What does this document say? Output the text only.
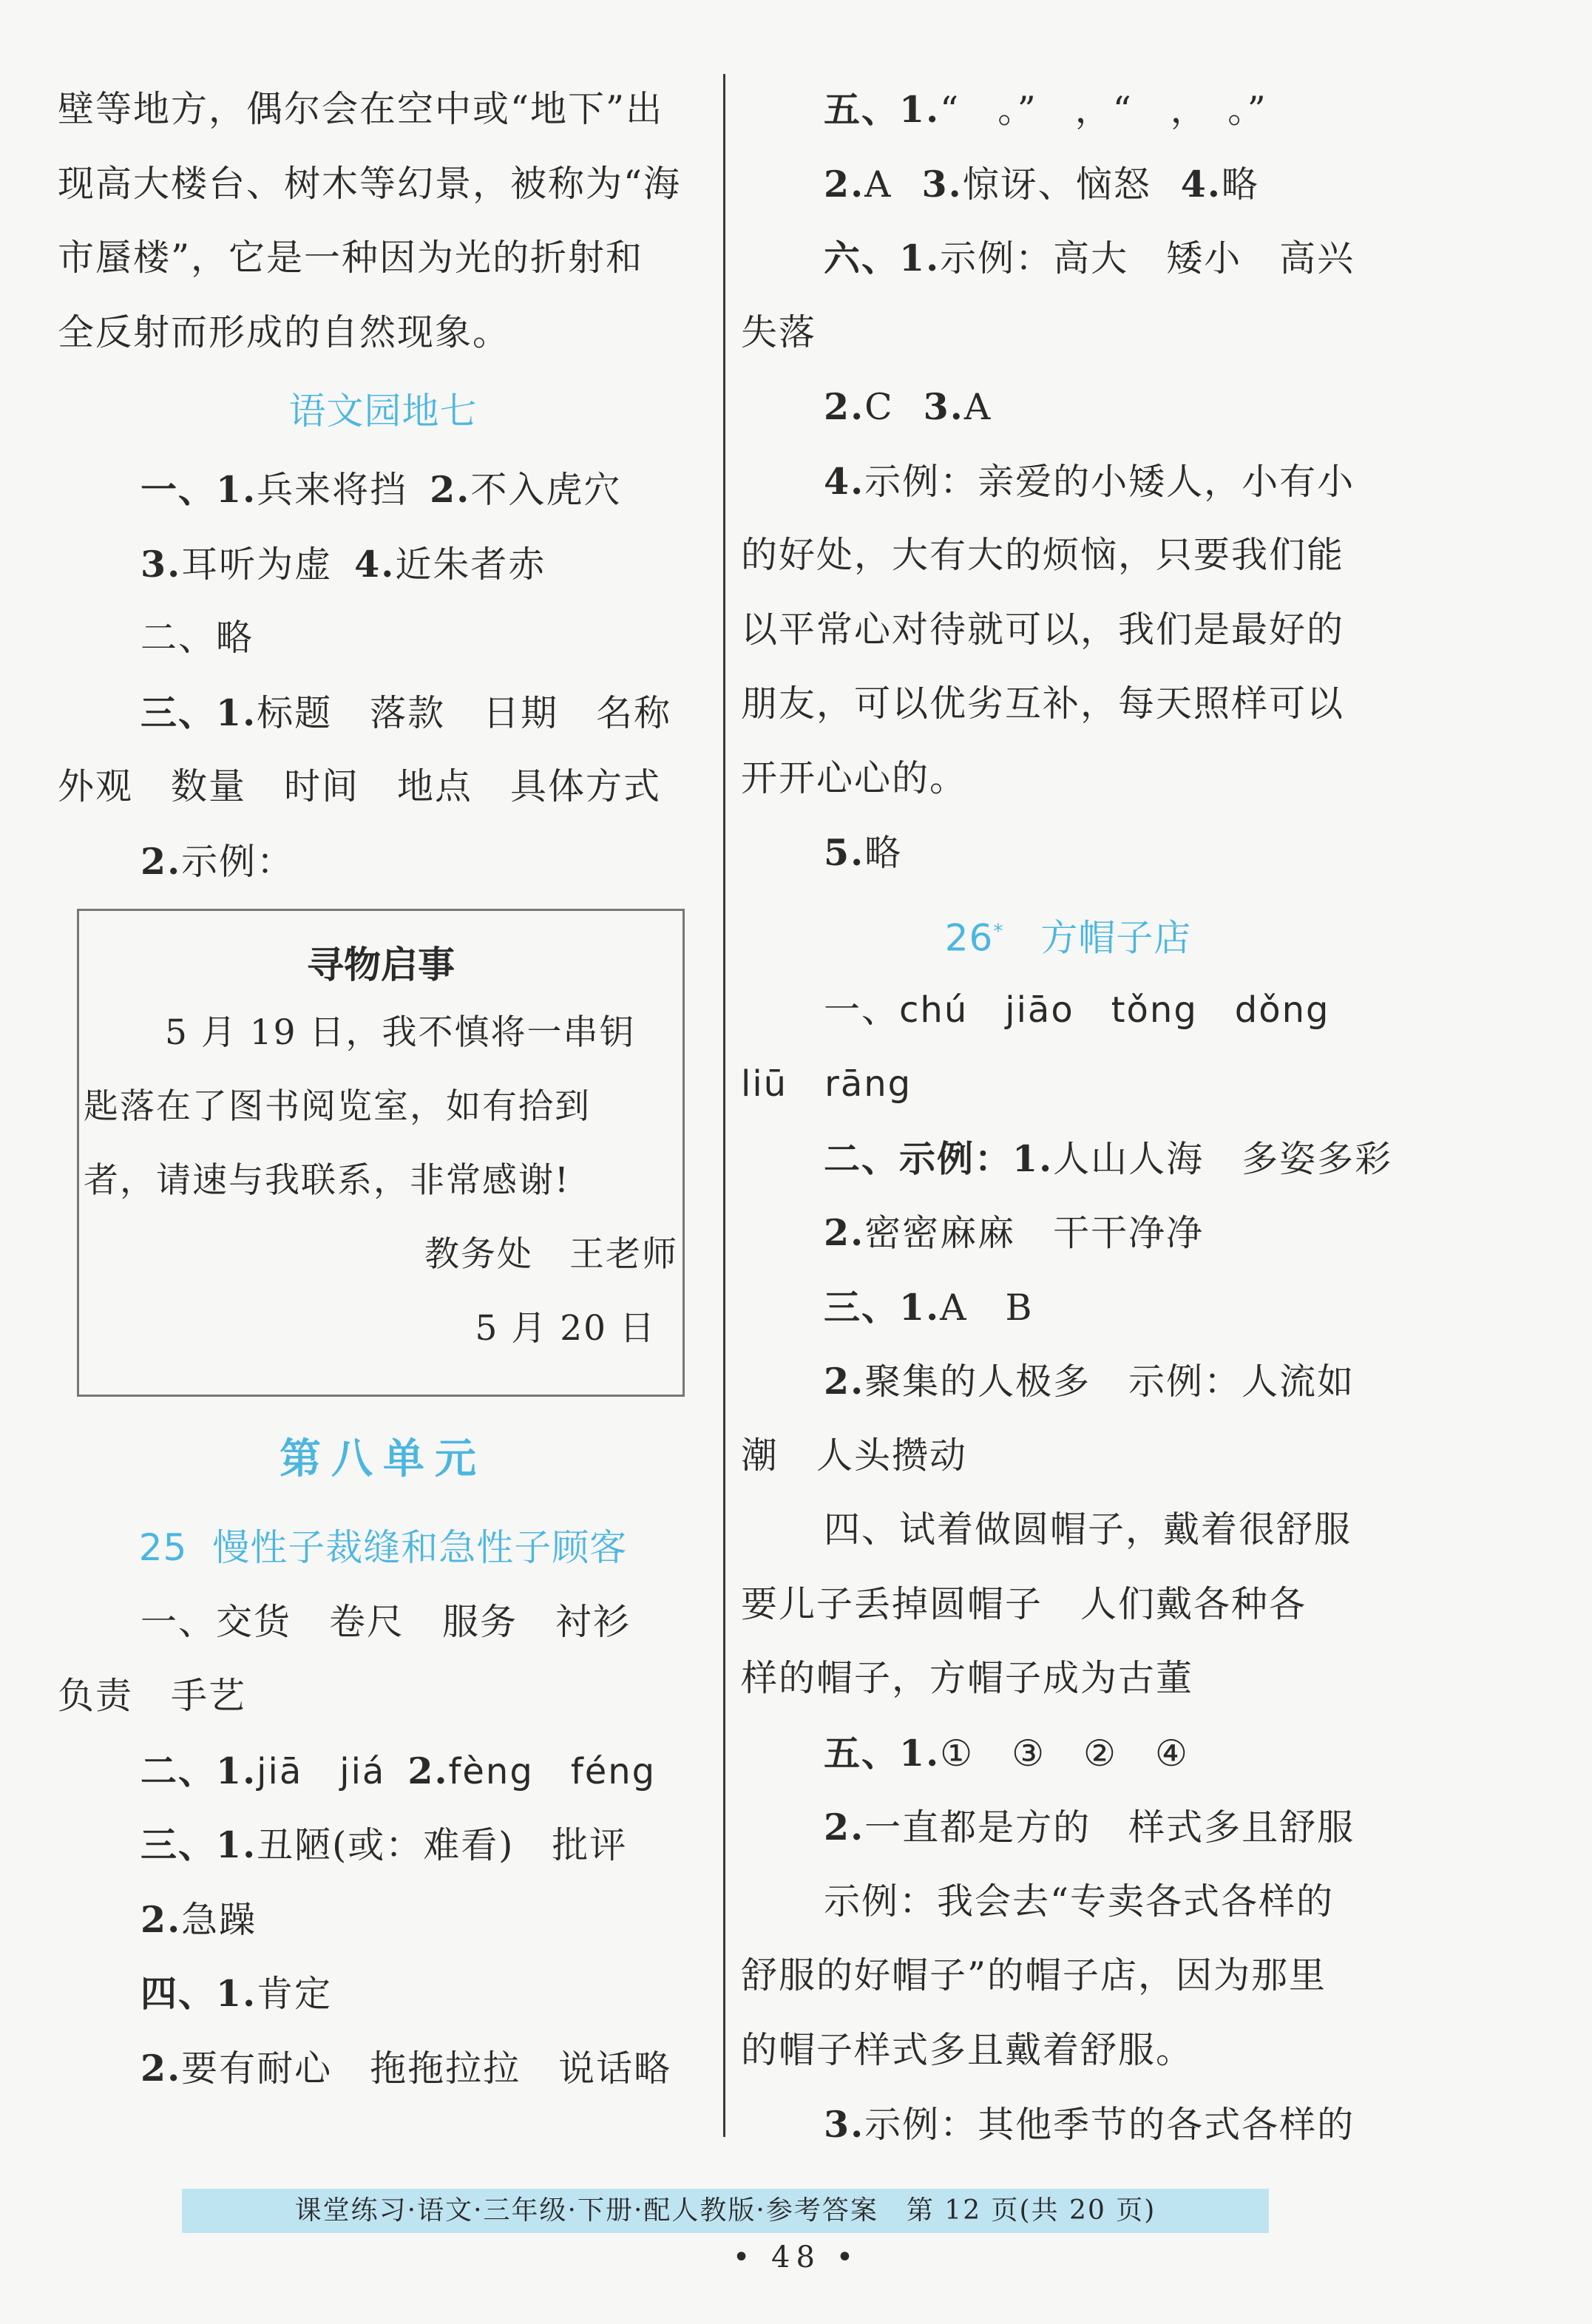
壁等地方，偶尔会在空中或“地下”出
现高大楼台、树木等幻景，被称为“海
市蜃楼”，它是一种因为光的折射和
全反射而形成的自然现象。
语文园地七
一、1.兵来将挡 2.不入虎穴
3.耳听为虚 4.近朱者赤
二、略
三、1.标题　落款　日期　名称
外观　数量　时间　地点　具体方式
2.示例：
寻物启事
5 月 19 日，我不慎将一串钥
匙落在了图书阅览室，如有拾到
者，请速与我联系，非常感谢!
教务处　王老师
5 月 20 日
第八单元
25 慢性子裁缝和急性子顾客
一、交货　卷尺　服务　衬衫
负责　手艺
二、1.jiā　jiá 2.fèng　féng
三、1.丑陋(或：难看)　批评
2.急躁
四、1.肯定
2.要有耐心　拖拖拉拉　说话略
五、1.“　。”　，“　，　。”
2.A 3.惊讶、恼怒 4.略
六、1.示例：高大　矮小　高兴
失落
2.C 3.A
4.示例：亲爱的小矮人，小有小
的好处，大有大的烦恼，只要我们能
以平常心对待就可以，我们是最好的
朋友，可以优劣互补，每天照样可以
开开心心的。
5.略
26* 方帽子店
一、chú　jiāo　tǒng　dǒng
liū　rāng
二、示例：1.人山人海　多姿多彩
2.密密麻麻　干干净净
三、1.A　B
2.聚集的人极多　示例：人流如
潮　人头攒动
四、试着做圆帽子，戴着很舒服
要儿子丢掉圆帽子　人们戴各种各
样的帽子，方帽子成为古董
五、1.①　③　②　④
2.一直都是方的　样式多且舒服
示例：我会去“专卖各式各样的
舒服的好帽子”的帽子店，因为那里
的帽子样式多且戴着舒服。
3.示例：其他季节的各式各样的
课堂练习·语文·三年级·下册·配人教版·参考答案　第 12 页(共 20 页)
• 48 •
